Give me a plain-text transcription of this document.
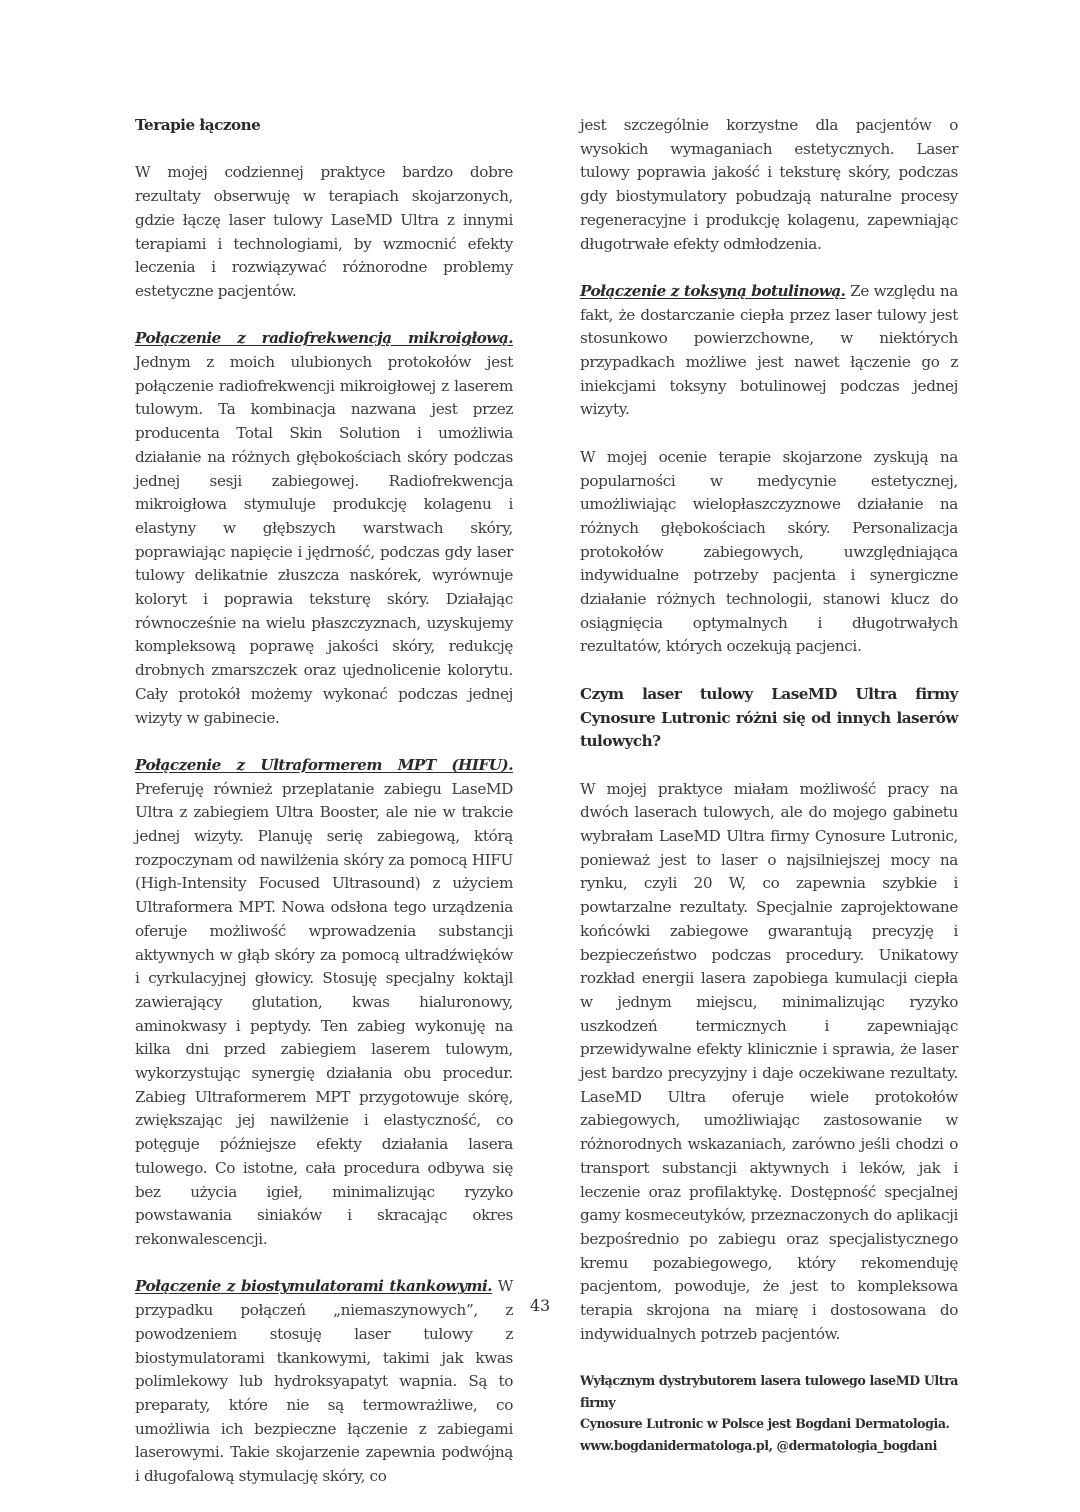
Terapie łączone

W mojej codziennej praktyce bardzo dobre rezultaty obserwuję w terapiach skojarzonych, gdzie łączę laser tulowy LaseMD Ultra z innymi terapiami i technologiami, by wzmocnić efekty leczenia i rozwiązywać różnorodne problemy estetyczne pacjentów.

Połączenie z radiofrekwencją mikroigłową. Jednym z moich ulubionych protokołów jest połączenie radiofrekwencji mikroigłowej z laserem tulowym. Ta kombinacja nazwana jest przez producenta Total Skin Solution i umożliwia działanie na różnych głębokościach skóry podczas jednej sesji zabiegowej. Radiofrekwencja mikroigłowa stymuluje produkcję kolagenu i elastyny w głębszych warstwach skóry, poprawiając napięcie i jędrność, podczas gdy laser tulowy delikatnie złuszcza naskórek, wyrównuje koloryt i poprawia teksturę skóry. Działając równocześnie na wielu płaszczyznach, uzyskujemy kompleksową poprawę jakości skóry, redukcję drobnych zmarszczek oraz ujednolicenie kolorytu. Cały protokół możemy wykonać podczas jednej wizyty w gabinecie.

Połączenie z Ultraformerem MPT (HIFU). Preferuję również przeplatanie zabiegu LaseMD Ultra z zabiegiem Ultra Booster, ale nie w trakcie jednej wizyty. Planuję serię zabiegową, którą rozpoczynam od nawilżenia skóry za pomocą HIFU (High-Intensity Focused Ultrasound) z użyciem Ultraformera MPT. Nowa odsłona tego urządzenia oferuje możliwość wprowadzenia substancji aktywnych w głąb skóry za pomocą ultradźwięków i cyrkulacyjnej głowicy. Stosuję specjalny koktajl zawierający glutation, kwas hialuronowy, aminokwasy i peptydy. Ten zabieg wykonuję na kilka dni przed zabiegiem laserem tulowym, wykorzystując synergię działania obu procedur. Zabieg Ultraformerem MPT przygotowuje skórę, zwiększając jej nawilżenie i elastyczność, co potęguje późniejsze efekty działania lasera tulowego. Co istotne, cała procedura odbywa się bez użycia igieł, minimalizując ryzyko powstawania siniaków i skracając okres rekonwalescencji.

Połączenie z biostymulatorami tkankowymi. W przypadku połączeń „niemaszynowych”, z powodzeniem stosuję laser tulowy z biostymulatorami tkankowymi, takimi jak kwas polimlekowy lub hydroksyapatyt wapnia. Są to preparaty, które nie są termowrażliwe, co umożliwia ich bezpieczne łączenie z zabiegami laserowymi. Takie skojarzenie zapewnia podwójną i długofalową stymulację skóry, co

jest szczególnie korzystne dla pacjentów o wysokich wymaganiach estetycznych. Laser tulowy poprawia jakość i teksturę skóry, podczas gdy biostymulatory pobudzają naturalne procesy regeneracyjne i produkcję kolagenu, zapewniając długotrwałe efekty odmłodzenia.

Połączenie z toksyną botulinową. Ze względu na fakt, że dostarczanie ciepła przez laser tulowy jest stosunkowo powierzchowne, w niektórych przypadkach możliwe jest nawet łączenie go z iniekcjami toksyny botulinowej podczas jednej wizyty.

W mojej ocenie terapie skojarzone zyskują na popularności w medycynie estetycznej, umożliwiając wielopłaszczyznowe działanie na różnych głębokościach skóry. Personalizacja protokołów zabiegowych, uwzględniająca indywidualne potrzeby pacjenta i synergiczne działanie różnych technologii, stanowi klucz do osiągnięcia optymalnych i długotrwałych rezultatów, których oczekują pacjenci.

Czym laser tulowy LaseMD Ultra firmy Cynosure Lutronic różni się od innych laserów tulowych?

W mojej praktyce miałam możliwość pracy na dwóch laserach tulowych, ale do mojego gabinetu wybrałam LaseMD Ultra firmy Cynosure Lutronic, ponieważ jest to laser o najsilniejszej mocy na rynku, czyli 20 W, co zapewnia szybkie i powtarzalne rezultaty. Specjalnie zaprojektowane końcówki zabiegowe gwarantują precyzję i bezpieczeństwo podczas procedury. Unikatowy rozkład energii lasera zapobiega kumulacji ciepła w jednym miejscu, minimalizując ryzyko uszkodzeń termicznych i zapewniając przewidywalne efekty klinicznie i sprawia, że laser jest bardzo precyzyjny i daje oczekiwane rezultaty. LaseMD Ultra oferuje wiele protokołów zabiegowych, umożliwiając zastosowanie w różnorodnych wskazaniach, zarówno jeśli chodzi o transport substancji aktywnych i leków, jak i leczenie oraz profilaktykę. Dostępność specjalnej gamy kosmeceutyków, przeznaczonych do aplikacji bezpośrednio po zabiegu oraz specjalistycznego kremu pozabiegowego, który rekomenduję pacjentom, powoduje, że jest to kompleksowa terapia skrojona na miarę i dostosowana do indywidualnych potrzeb pacjentów.

Wyłącznym dystrybutorem lasera tulowego laseMD Ultra firmy

Cynosure Lutronic w Polsce jest Bogdani Dermatologia.

www.bogdanidermatologa.pl, @dermatologia_bogdani

43
